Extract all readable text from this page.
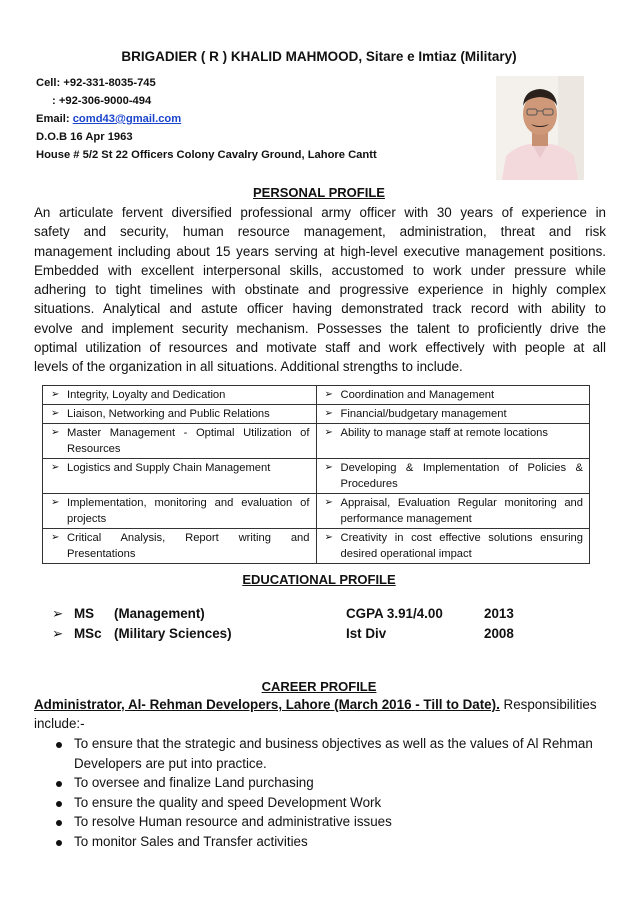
BRIGADIER ( R ) KHALID MAHMOOD, Sitare e Imtiaz (Military)
Cell: +92-331-8035-745
: +92-306-9000-494
Email: comd43@gmail.com
D.O.B 16 Apr 1963
House # 5/2 St 22 Officers Colony Cavalry Ground, Lahore Cantt
PERSONAL PROFILE
An articulate fervent diversified professional army officer with 30 years of experience in
safety and security, human resource management, administration, threat and risk
management including about 15 years serving at high-level executive management positions.
Embedded with excellent interpersonal skills, accustomed to work under pressure while
adhering to tight timelines with obstinate and progressive experience in highly complex
situations. Analytical and astute officer having demonstrated track record with ability to
evolve and implement security mechanism. Possesses the talent to proficiently drive the
optimal utilization of resources and motivate staff and work effectively with people at all
levels of the organization in all situations. Additional strengths to include.
➢ Integrity, Loyalty and Dedication	➢ Coordination and Management

➢ Liaison, Networking and Public Relations	➢ Financial/budgetary management

➢ Master Management - Optimal Utilization of Resources	➢ Ability to manage staff at remote locations

➢ Logistics and Supply Chain Management	➢ Developing & Implementation of Policies & Procedures

➢ Implementation, monitoring and evaluation of projects	➢ Appraisal, Evaluation Regular monitoring and performance management

➢ Critical Analysis, Report writing and Presentations	➢ Creativity in cost effective solutions ensuring desired operational impact
EDUCATIONAL PROFILE
➢ MS (Management)	CGPA 3.91/4.00	2013
➢ MSc (Military Sciences)	Ist Div	2008
CAREER PROFILE
Administrator, Al- Rehman Developers, Lahore (March 2016 - Till to Date). Responsibilities
include:-
To ensure that the strategic and business objectives as well as the values of Al Rehman Developers are put into practice.
To oversee and finalize Land purchasing
To ensure the quality and speed Development Work
To resolve Human resource and administrative issues
To monitor Sales and Transfer activities
